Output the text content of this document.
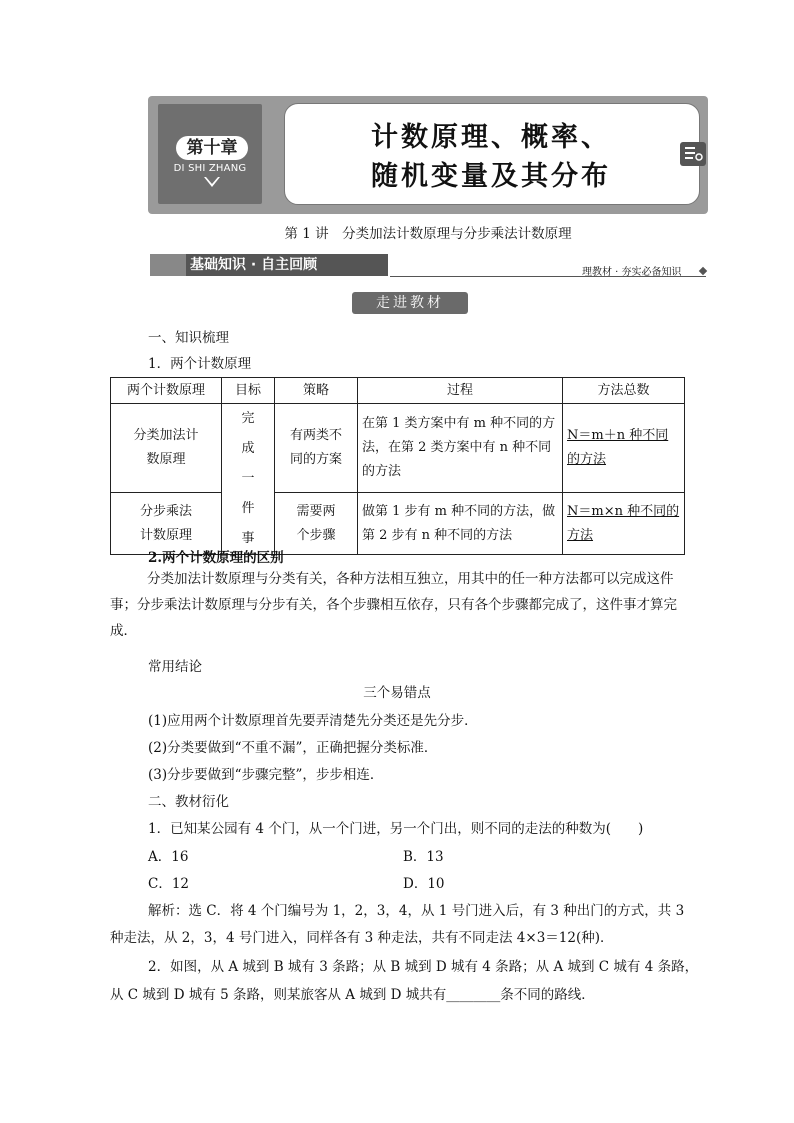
第十章
DI SHI ZHANG
计数原理、概率、
随机变量及其分布
第 1 讲　分类加法计数原理与分步乘法计数原理
基础知识 · 自主回顾	理教材 · 夯实必备知识
走进教材
一、知识梳理
1．两个计数原理
两个计数原理	目标	策略	过程	方法总数

分类加法计数原理	完成一件事	有两类不同的方案	在第 1 类方案中有 m 种不同的方法，在第 2 类方案中有 n 种不同的方法	N＝m＋n 种不同的方法

分步乘法计数原理		需要两个步骤	做第 1 步有 m 种不同的方法，做第 2 步有 n 种不同的方法	N＝m×n 种不同的方法
2.两个计数原理的区别
分类加法计数原理与分类有关，各种方法相互独立，用其中的任一种方法都可以完成这件事；分步乘法计数原理与分步有关，各个步骤相互依存，只有各个步骤都完成了，这件事才算完成．
常用结论
三个易错点
(1)应用两个计数原理首先要弄清楚先分类还是先分步．
(2)分类要做到“不重不漏”，正确把握分类标准．
(3)分步要做到“步骤完整”，步步相连．
二、教材衍化
1．已知某公园有 4 个门，从一个门进，另一个门出，则不同的走法的种数为(　　)
A．16	B．13
C．12	D．10
解析：选 C．将 4 个门编号为 1，2，3，4，从 1 号门进入后，有 3 种出门的方式，共 3
种走法，从 2，3，4 号门进入，同样各有 3 种走法，共有不同走法 4×3＝12(种)．
2．如图，从 A 城到 B 城有 3 条路；从 B 城到 D 城有 4 条路；从 A 城到 C 城有 4 条路，
从 C 城到 D 城有 5 条路，则某旅客从 A 城到 D 城共有________条不同的路线．
